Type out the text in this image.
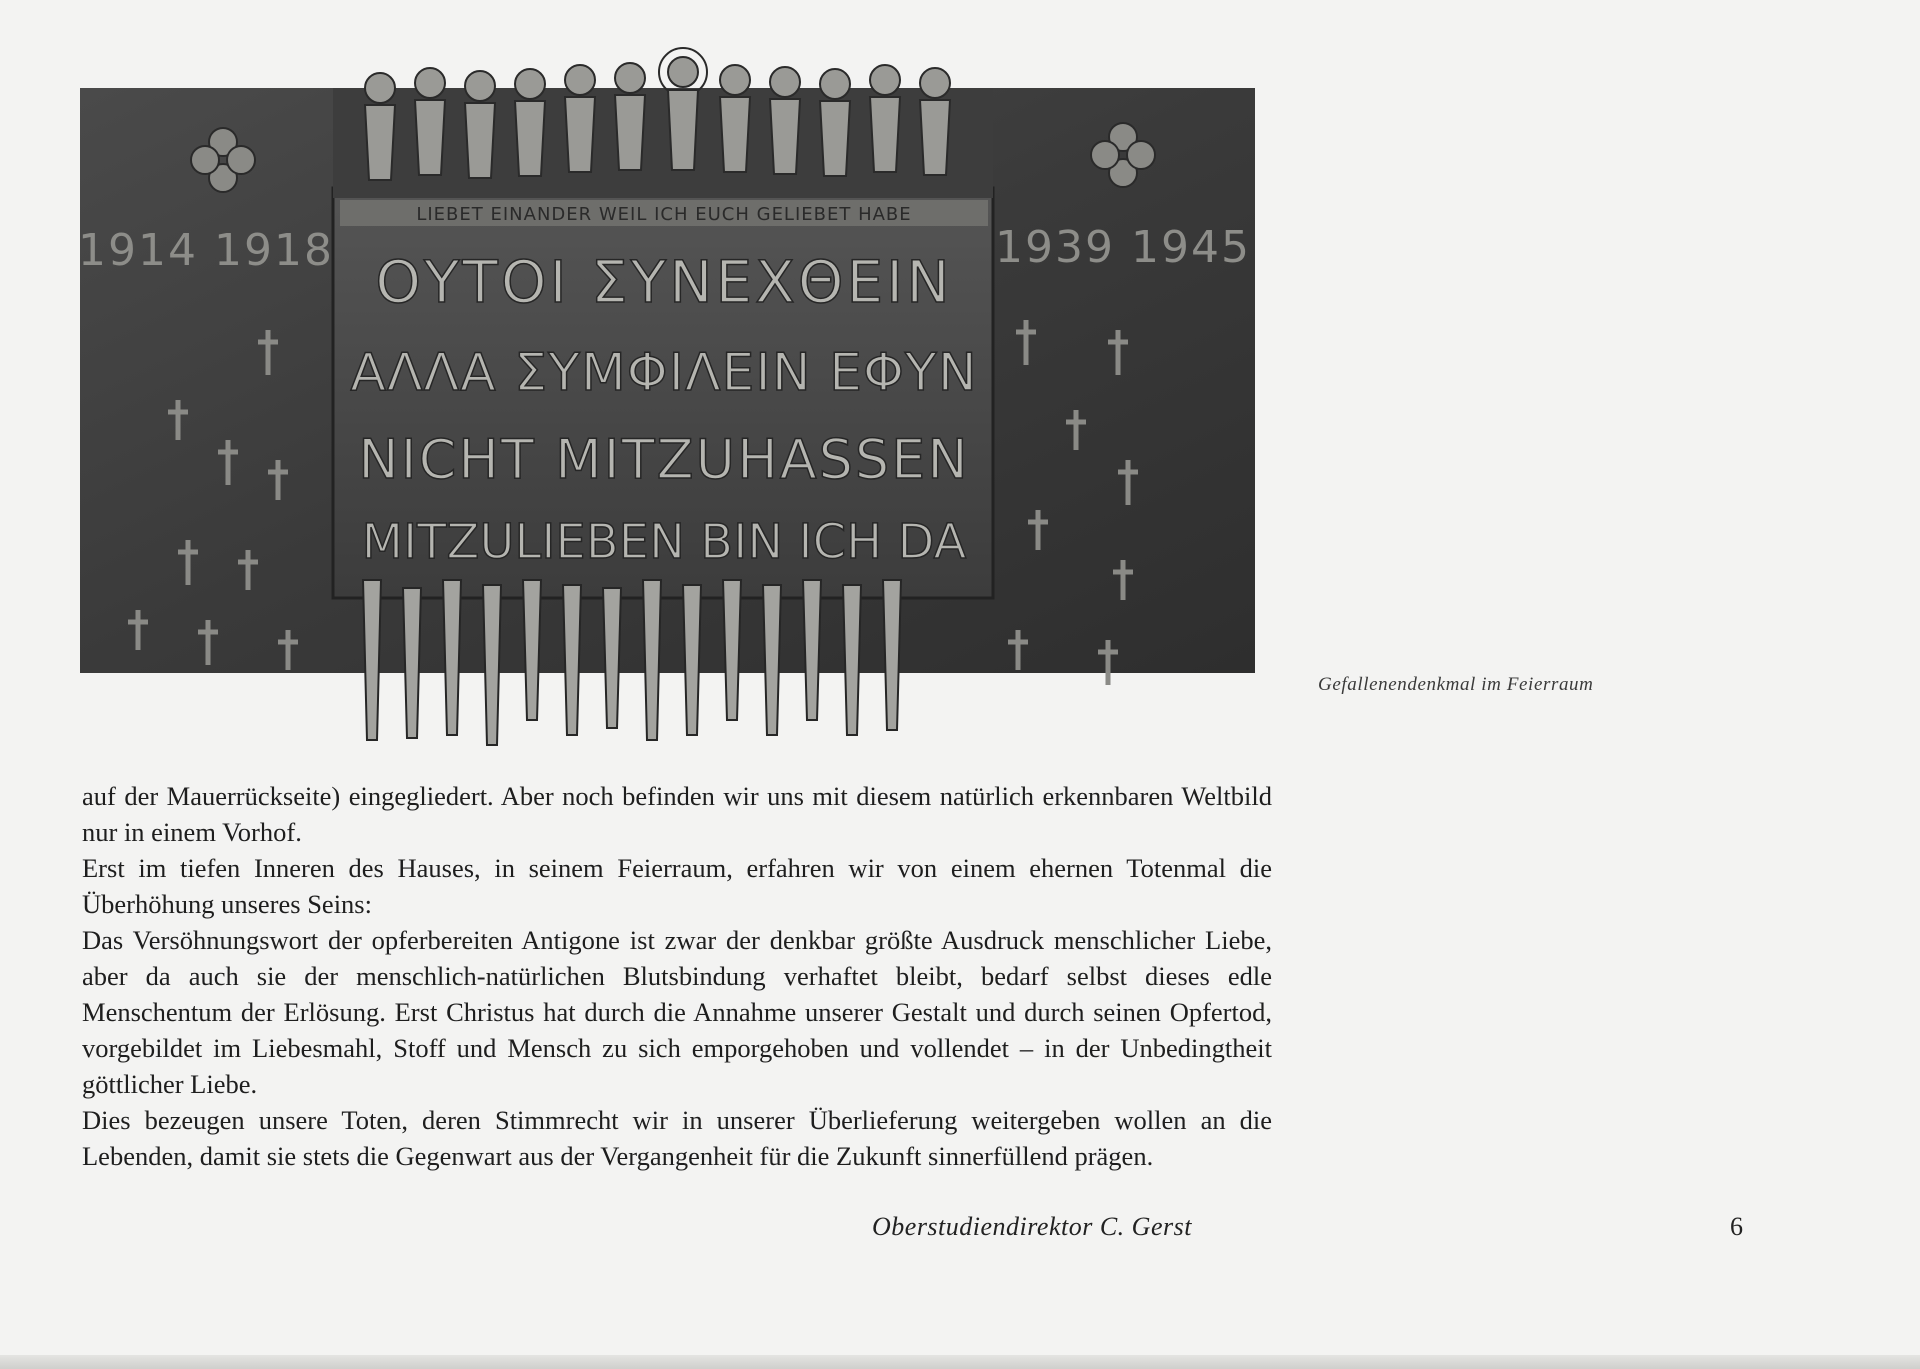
LIEBET EINANDER WEIL ICH EUCH GELIEBET HABE
1914 1918	1939 1945
ΟΥΤΟΙ ΣΥΝΕΧΘΕΙΝ
ΑΛΛΑ ΣΥΜΦΙΛΕΙΝ ΕΦΥΝ
NICHT MITZUHASSEN
MITZULIEBEN BIN ICH DA
Gefallenendenkmal im Feierraum

auf der Mauerrückseite) eingegliedert. Aber noch befinden wir uns mit diesem natürlich erkennbaren Weltbild nur in einem Vorhof.

Erst im tiefen Inneren des Hauses, in seinem Feierraum, erfahren wir von einem ehernen Totenmal die Überhöhung unseres Seins:

Das Versöhnungswort der opferbereiten Antigone ist zwar der denkbar größte Ausdruck menschlicher Liebe, aber da auch sie der menschlich-natürlichen Blutsbindung verhaftet bleibt, bedarf selbst dieses edle Menschentum der Erlösung. Erst Christus hat durch die Annahme unserer Gestalt und durch seinen Opfertod, vorgebildet im Liebesmahl, Stoff und Mensch zu sich emporgehoben und vollendet – in der Unbedingtheit göttlicher Liebe.

Dies bezeugen unsere Toten, deren Stimmrecht wir in unserer Überlieferung weitergeben wollen an die Lebenden, damit sie stets die Gegenwart aus der Vergangenheit für die Zukunft sinnerfüllend prägen.

Oberstudiendirektor C. Gerst	6
